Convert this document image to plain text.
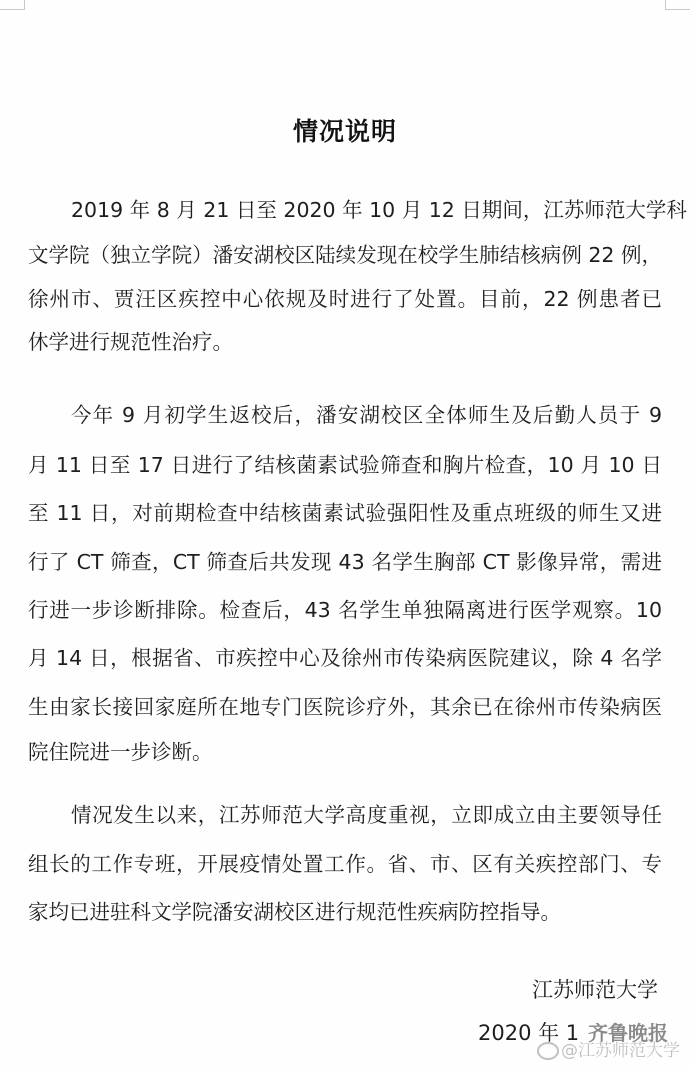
情况说明
2019 年 8 月 21 日至 2020 年 10 月 12 日期间，江苏师范大学科
文学院（独立学院）潘安湖校区陆续发现在校学生肺结核病例 22 例，
徐州市、贾汪区疾控中心依规及时进行了处置。目前，22 例患者已
休学进行规范性治疗。
今年 9 月初学生返校后，潘安湖校区全体师生及后勤人员于 9
月 11 日至 17 日进行了结核菌素试验筛查和胸片检查，10 月 10 日
至 11 日，对前期检查中结核菌素试验强阳性及重点班级的师生又进
行了 CT 筛查，CT 筛查后共发现 43 名学生胸部 CT 影像异常，需进
行进一步诊断排除。检查后，43 名学生单独隔离进行医学观察。10
月 14 日，根据省、市疾控中心及徐州市传染病医院建议，除 4 名学
生由家长接回家庭所在地专门医院诊疗外，其余已在徐州市传染病医
院住院进一步诊断。
情况发生以来，江苏师范大学高度重视，立即成立由主要领导任
组长的工作专班，开展疫情处置工作。省、市、区有关疾控部门、专
家均已进驻科文学院潘安湖校区进行规范性疾病防控指导。
江苏师范大学
2020 年 1 齐鲁晚报
@江苏师范大学
